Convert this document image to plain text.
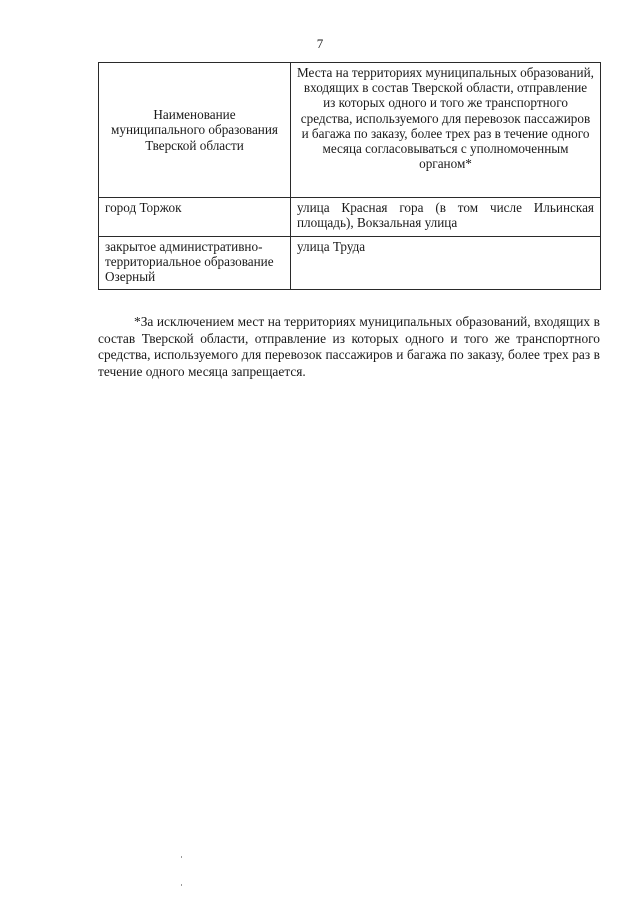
7
Наименование муниципального образования Тверской области	Места на территориях муниципальных образований, входящих в состав Тверской области, отправление из которых одного и того же транспортного средства, используемого для перевозок пассажиров и багажа по заказу, более трех раз в течение одного месяца согласовываться с уполномоченным органом*
город Торжок	улица Красная гора (в том числе Ильинская площадь), Вокзальная улица
закрытое административно-территориальное образование Озерный	улица Труда

*За исключением мест на территориях муниципальных образований, входящих в состав Тверской области, отправление из которых одного и того же транспортного средства, используемого для перевозок пассажиров и багажа по заказу, более трех раз в течение одного месяца запрещается.
